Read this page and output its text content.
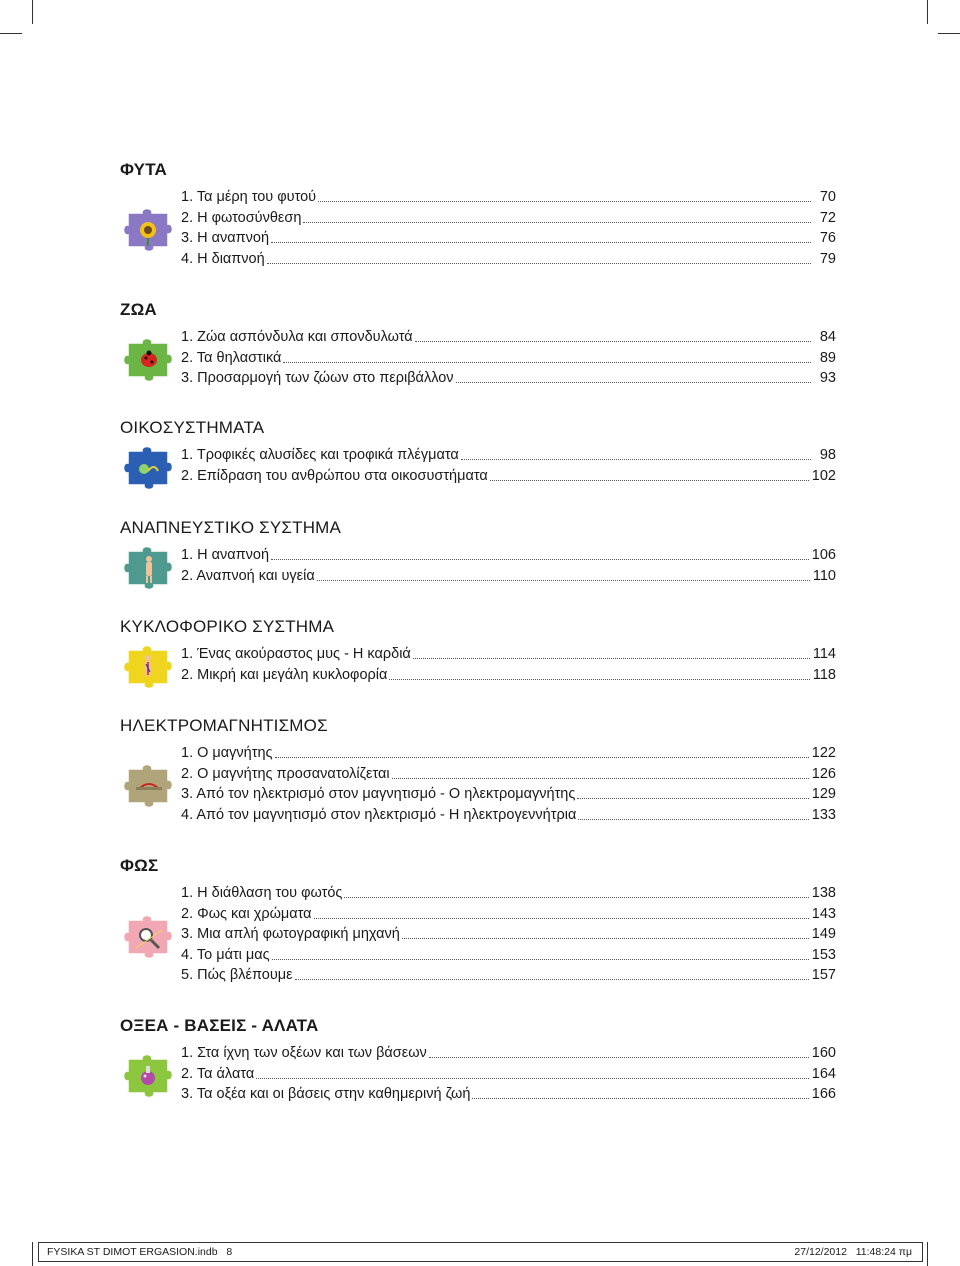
ΦΥΤΑ
1. Τα μέρη του φυτού	70
2. Η φωτοσύνθεση	72
3. Η αναπνοή	76
4. Η διαπνοή	79
ΖΩΑ
1. Ζώα ασπόνδυλα και σπονδυλωτά	84
2. Τα θηλαστικά	89
3. Προσαρμογή των ζώων στο περιβάλλον	93
ΟΙΚΟΣΥΣΤΗΜΑΤΑ
1. Τροφικές αλυσίδες και τροφικά πλέγματα	98
2. Επίδραση του ανθρώπου στα οικοσυστήματα	102
ΑΝΑΠΝΕΥΣΤΙΚΟ ΣΥΣΤΗΜΑ
1. Η αναπνοή	106
2. Αναπνοή και υγεία	110
ΚΥΚΛΟΦΟΡΙΚΟ ΣΥΣΤΗΜΑ
1. Ένας ακούραστος μυς - Η καρδιά	114
2. Μικρή και μεγάλη κυκλοφορία	118
ΗΛΕΚΤΡΟΜΑΓΝΗΤΙΣΜΟΣ
1. Ο μαγνήτης	122
2. Ο μαγνήτης προσανατολίζεται	126
3. Από τον ηλεκτρισμό στον μαγνητισμό - Ο ηλεκτρομαγνήτης	129
4. Από τον μαγνητισμό στον ηλεκτρισμό - Η ηλεκτρογεννήτρια	133
ΦΩΣ
1. Η διάθλαση του φωτός	138
2. Φως και χρώματα	143
3. Μια απλή φωτογραφική μηχανή	149
4. Το μάτι μας	153
5. Πώς βλέπουμε	157
ΟΞΕΑ - ΒΑΣΕΙΣ - ΑΛΑΤΑ
1. Στα ίχνη των οξέων και των βάσεων	160
2. Τα άλατα	164
3. Τα οξέα και οι βάσεις στην καθημερινή ζωή	166
FYSIKA ST DIMOT ERGASION.indb   8	27/12/2012   11:48:24 πμ
